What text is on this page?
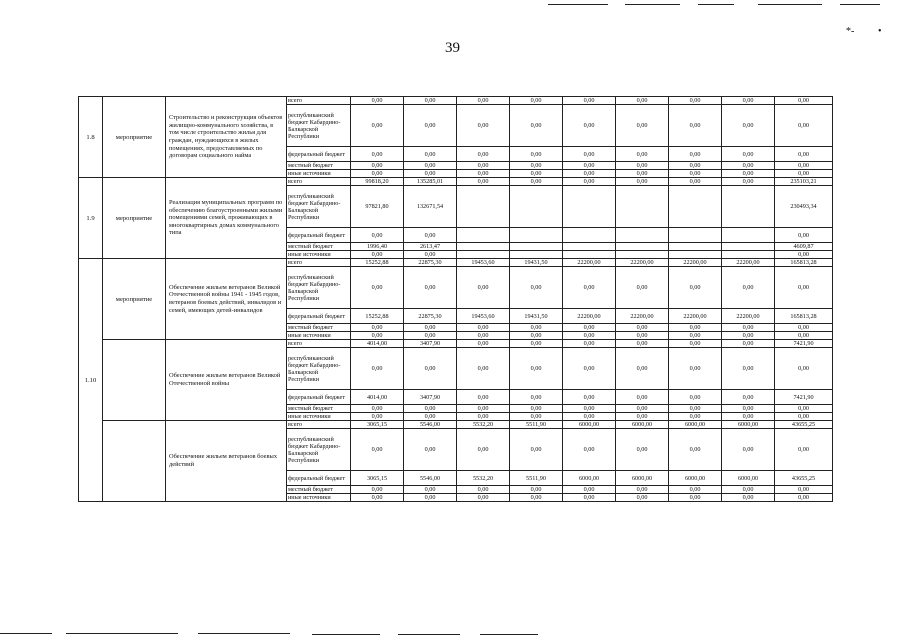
39
*- •
1.8	мероприятие	Строительство и реконструкция объектов жилищно-коммунального хозяйства, в том числе строительство жилья для граждан, нуждающихся в жилых помещениях, предоставляемых по договорам социального найма	всего	0,00	0,00	0,00	0,00	0,00	0,00	0,00	0,00	0,00
			республиканский бюджет Кабардино-Балкарской Республики	0,00	0,00	0,00	0,00	0,00	0,00	0,00	0,00	0,00
			федеральный бюджет	0,00	0,00	0,00	0,00	0,00	0,00	0,00	0,00	0,00
			местный бюджет	0,00	0,00	0,00	0,00	0,00	0,00	0,00	0,00	0,00
			иные источники	0,00	0,00	0,00	0,00	0,00	0,00	0,00	0,00	0,00
1.9	мероприятие	Реализация муниципальных программ по обеспечению благоустроенными жилыми помещениями семей, проживающих в многоквартирных домах коммунального типа	всего	99818,20	135285,01	0,00	0,00	0,00	0,00	0,00	0,00	235103,21
			республиканский бюджет Кабардино-Балкарской Республики	97821,80	132671,54							230493,34
			федеральный бюджет	0,00	0,00							0,00
			местный бюджет	1996,40	2613,47							4609,87
			иные источники	0,00	0,00							0,00
1.10	мероприятие	Обеспечение жильем ветеранов Великой Отечественной войны 1941 - 1945 годов, ветеранов боевых действий, инвалидов и семей, имеющих детей-инвалидов	всего	15252,88	22875,30	19453,60	19431,50	22200,00	22200,00	22200,00	22200,00	165813,28
			республиканский бюджет Кабардино-Балкарской Республики	0,00	0,00	0,00	0,00	0,00	0,00	0,00	0,00	0,00
			федеральный бюджет	15252,88	22875,30	19453,60	19431,50	22200,00	22200,00	22200,00	22200,00	165813,28
			местный бюджет	0,00	0,00	0,00	0,00	0,00	0,00	0,00	0,00	0,00
			иные источники	0,00	0,00	0,00	0,00	0,00	0,00	0,00	0,00	0,00
		Обеспечение жильем ветеранов Великой Отечественной войны	всего	4014,00	3407,90	0,00	0,00	0,00	0,00	0,00	0,00	7421,90
			республиканский бюджет Кабардино-Балкарской Республики	0,00	0,00	0,00	0,00	0,00	0,00	0,00	0,00	0,00
			федеральный бюджет	4014,00	3407,90	0,00	0,00	0,00	0,00	0,00	0,00	7421,90
			местный бюджет	0,00	0,00	0,00	0,00	0,00	0,00	0,00	0,00	0,00
			иные источники	0,00	0,00	0,00	0,00	0,00	0,00	0,00	0,00	0,00
		Обеспечение жильем ветеранов боевых действий	всего	3065,15	5546,00	5532,20	5511,90	6000,00	6000,00	6000,00	6000,00	43655,25
			республиканский бюджет Кабардино-Балкарской Республики	0,00	0,00	0,00	0,00	0,00	0,00	0,00	0,00	0,00
			федеральный бюджет	3065,15	5546,00	5532,20	5511,90	6000,00	6000,00	6000,00	6000,00	43655,25
			местный бюджет	0,00	0,00	0,00	0,00	0,00	0,00	0,00	0,00	0,00
			иные источники	0,00	0,00	0,00	0,00	0,00	0,00	0,00	0,00	0,00
